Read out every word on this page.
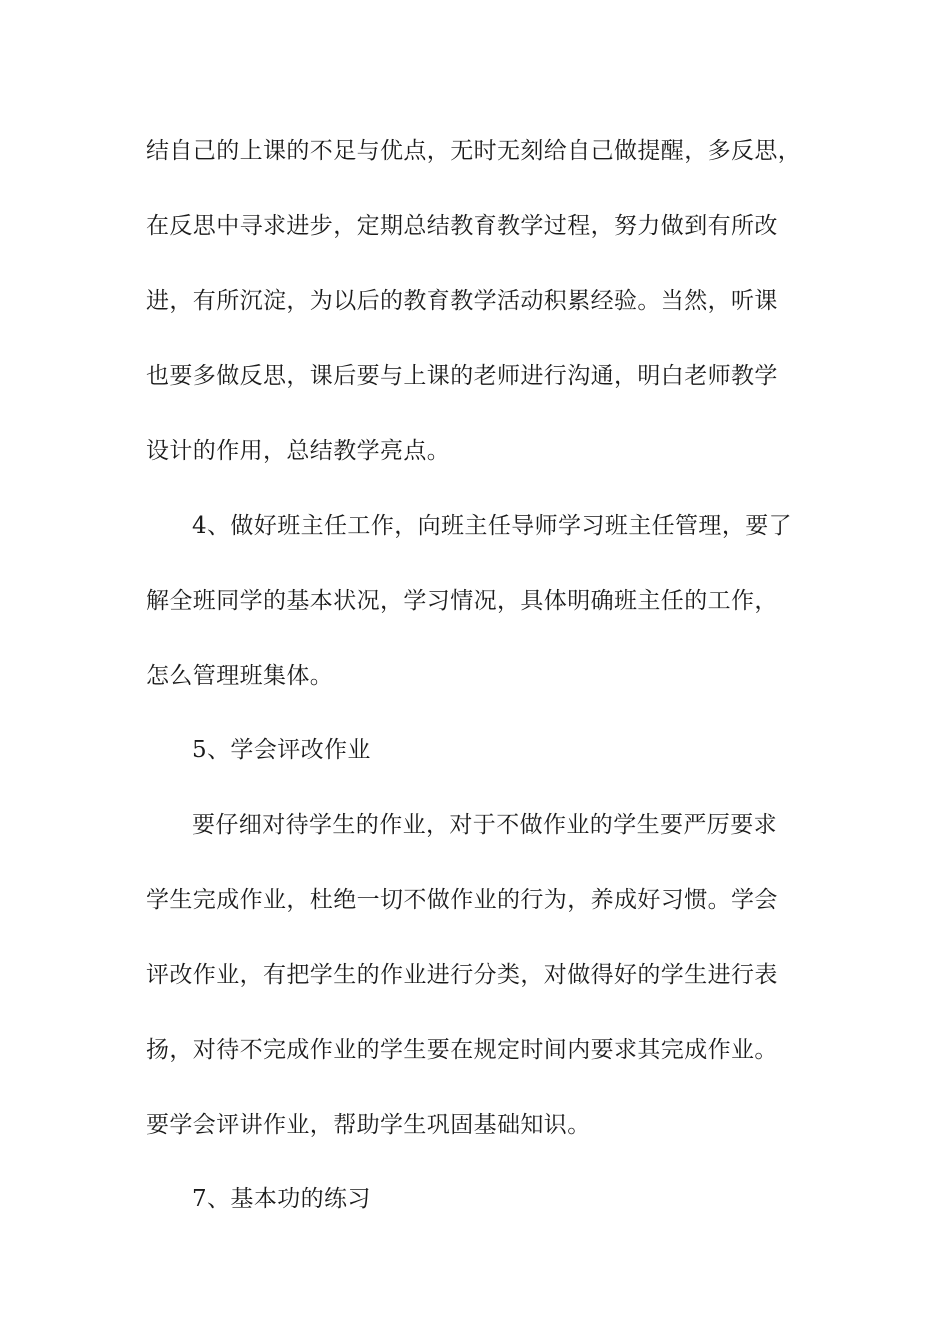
结自己的上课的不足与优点，无时无刻给自己做提醒，多反思，
在反思中寻求进步，定期总结教育教学过程，努力做到有所改
进，有所沉淀，为以后的教育教学活动积累经验。当然，听课
也要多做反思，课后要与上课的老师进行沟通，明白老师教学
设计的作用，总结教学亮点。
4、做好班主任工作，向班主任导师学习班主任管理，要了
解全班同学的基本状况，学习情况，具体明确班主任的工作，
怎么管理班集体。
5、学会评改作业
要仔细对待学生的作业，对于不做作业的学生要严厉要求
学生完成作业，杜绝一切不做作业的行为，养成好习惯。学会
评改作业，有把学生的作业进行分类，对做得好的学生进行表
扬，对待不完成作业的学生要在规定时间内要求其完成作业。
要学会评讲作业，帮助学生巩固基础知识。
7、基本功的练习
